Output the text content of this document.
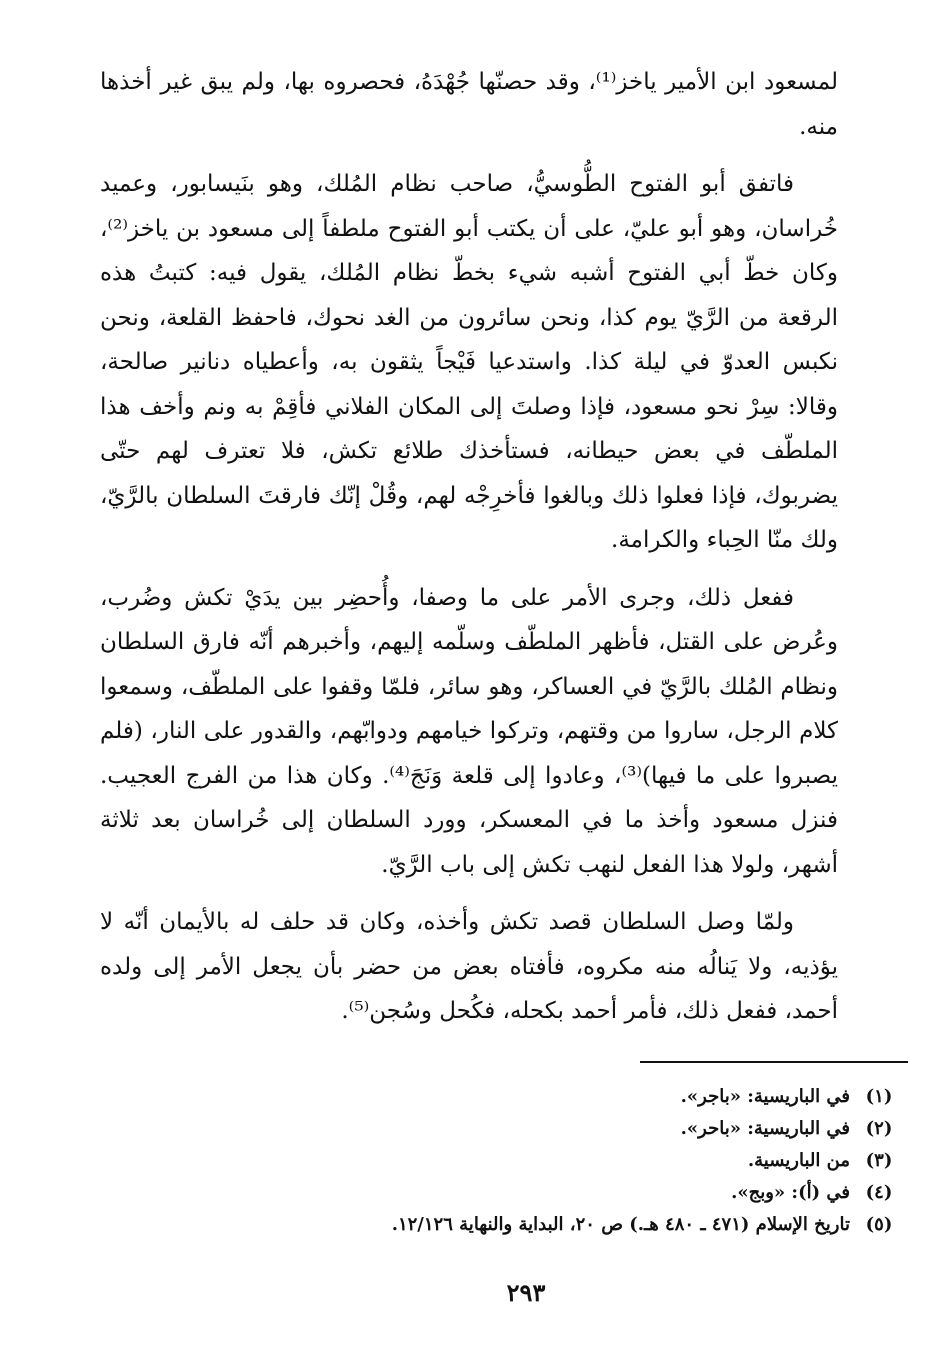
لمسعود ابن الأمير ياخز⁽¹⁾، وقد حصنّها جُهْدَهُ، فحصروه بها، ولم يبق غير أخذها منه.

فاتفق أبو الفتوح الطُّوسيُّ، صاحب نظام المُلك، وهو بنَيسابور، وعميد خُراسان، وهو أبو عليّ، على أن يكتب أبو الفتوح ملطفاً إلى مسعود بن ياخز⁽²⁾، وكان خطّ أبي الفتوح أشبه شيء بخطّ نظام المُلك، يقول فيه: كتبتُ هذه الرقعة من الرَّيّ يوم كذا، ونحن سائرون من الغد نحوك، فاحفظ القلعة، ونحن نكبس العدوّ في ليلة كذا. واستدعيا فَيْجاً يثقون به، وأعطياه دنانير صالحة، وقالا: سِرْ نحو مسعود، فإذا وصلتَ إلى المكان الفلاني فأقِمْ به ونم وأخف هذا الملطّف في بعض حيطانه، فستأخذك طلائع تكش، فلا تعترف لهم حتّى يضربوك، فإذا فعلوا ذلك وبالغوا فأخرِجْه لهم، وقُلْ إنّك فارقتَ السلطان بالرَّيّ، ولك منّا الحِباء والكرامة.

ففعل ذلك، وجرى الأمر على ما وصفا، وأُحضِر بين يدَيْ تكش وضُرب، وعُرض على القتل، فأظهر الملطّف وسلّمه إليهم، وأخبرهم أنّه فارق السلطان ونظام المُلك بالرَّيّ في العساكر، وهو سائر، فلمّا وقفوا على الملطّف، وسمعوا كلام الرجل، ساروا من وقتهم، وتركوا خيامهم ودوابّهم، والقدور على النار، (فلم يصبروا على ما فيها)⁽³⁾، وعادوا إلى قلعة وَنَجَ⁽⁴⁾. وكان هذا من الفرج العجيب. فنزل مسعود وأخذ ما في المعسكر، وورد السلطان إلى خُراسان بعد ثلاثة أشهر، ولولا هذا الفعل لنهب تكش إلى باب الرَّيّ.

ولمّا وصل السلطان قصد تكش وأخذه، وكان قد حلف له بالأيمان أنّه لا يؤذيه، ولا يَنالُه منه مكروه، فأفتاه بعض من حضر بأن يجعل الأمر إلى ولده أحمد، ففعل ذلك، فأمر أحمد بكحله، فكُحل وسُجن⁽⁵⁾.

(١)
في الباريسية: «باجر».
(٢)
في الباريسية: «باحر».
(٣)
من الباريسية.
(٤)
في (أ): «وبج».
(٥)
تاريخ الإسلام (٤٧١ ـ ٤٨٠ هـ.) ص ٢٠، البداية والنهاية ١٢/١٢٦.
٢٩٣
